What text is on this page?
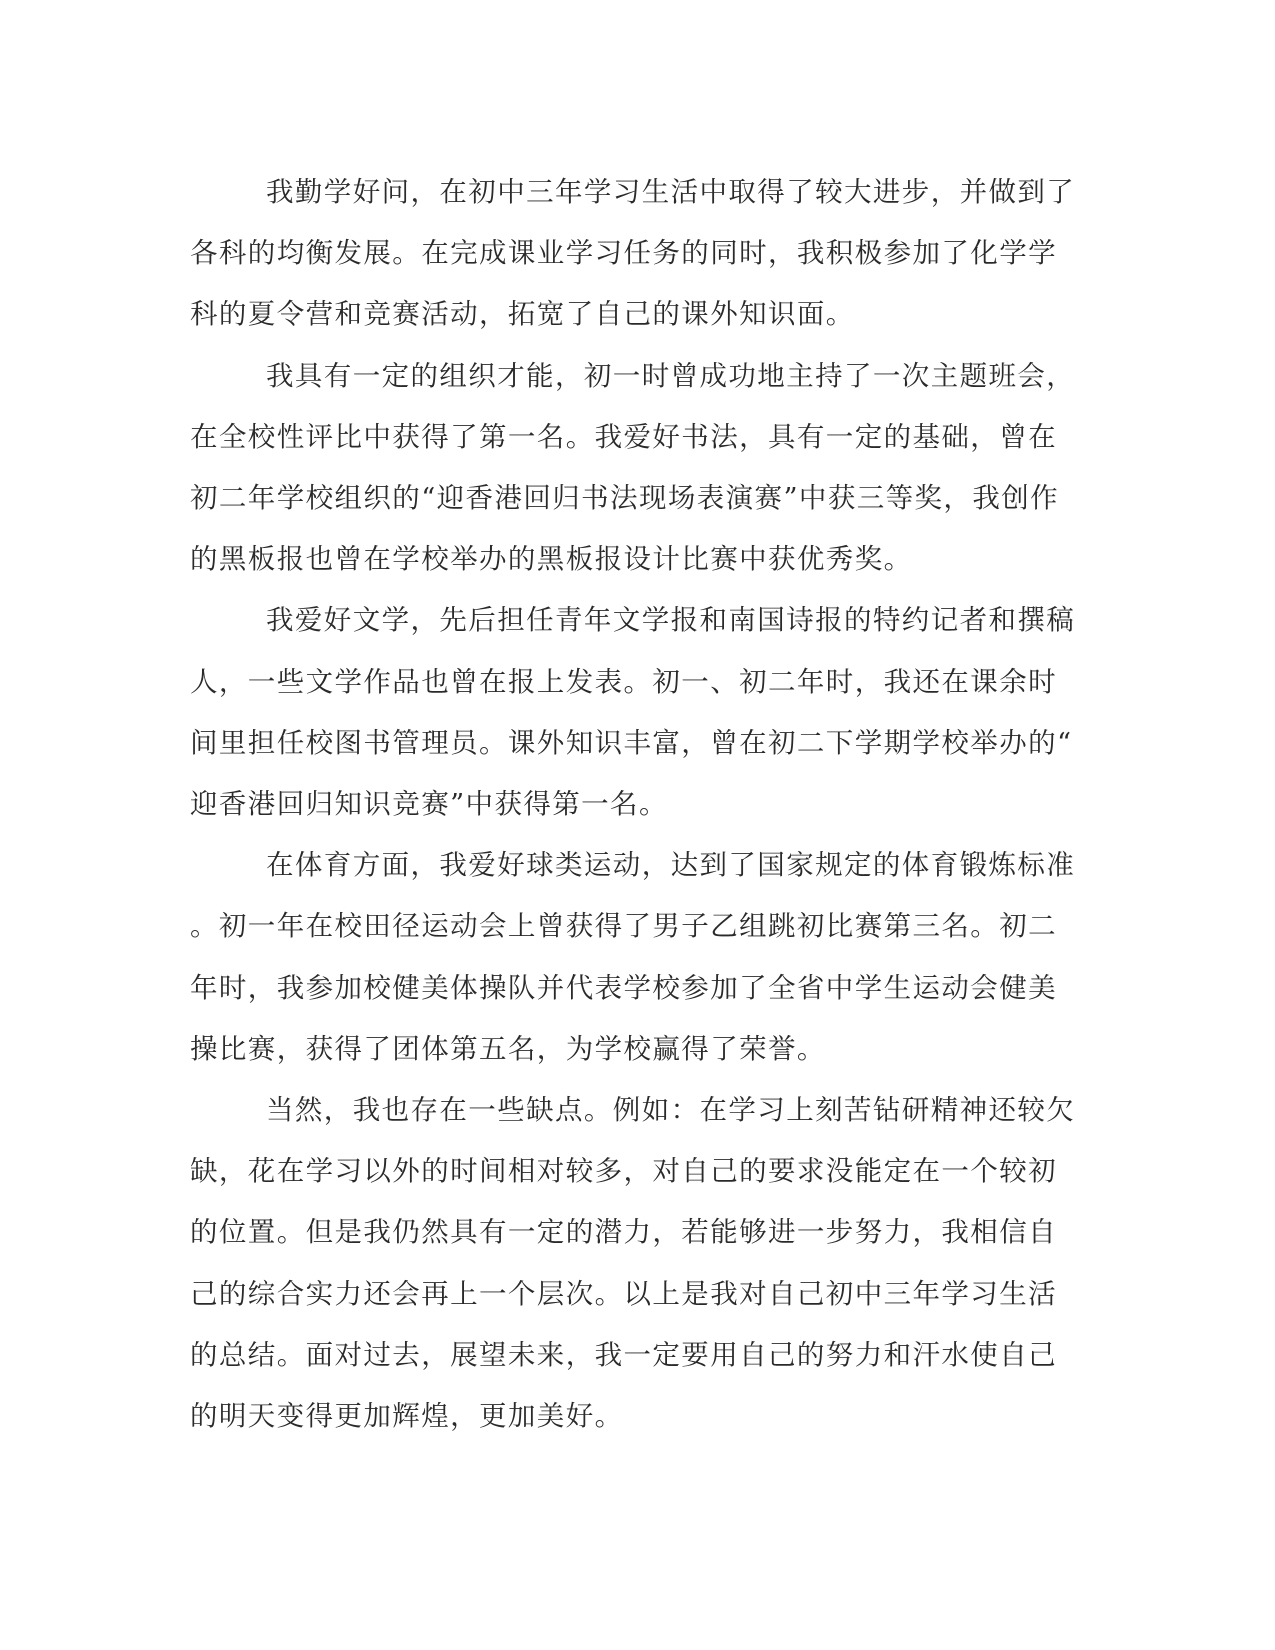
我勤学好问，在初中三年学习生活中取得了较大进步，并做到了
各科的均衡发展。在完成课业学习任务的同时，我积极参加了化学学
科的夏令营和竞赛活动，拓宽了自己的课外知识面。
我具有一定的组织才能，初一时曾成功地主持了一次主题班会，
在全校性评比中获得了第一名。我爱好书法，具有一定的基础，曾在
初二年学校组织的“迎香港回归书法现场表演赛”中获三等奖，我创作
的黑板报也曾在学校举办的黑板报设计比赛中获优秀奖。
我爱好文学，先后担任青年文学报和南国诗报的特约记者和撰稿
人，一些文学作品也曾在报上发表。初一、初二年时，我还在课余时
间里担任校图书管理员。课外知识丰富，曾在初二下学期学校举办的“
迎香港回归知识竞赛”中获得第一名。
在体育方面，我爱好球类运动，达到了国家规定的体育锻炼标准
。初一年在校田径运动会上曾获得了男子乙组跳初比赛第三名。初二
年时，我参加校健美体操队并代表学校参加了全省中学生运动会健美
操比赛，获得了团体第五名，为学校赢得了荣誉。
当然，我也存在一些缺点。例如：在学习上刻苦钻研精神还较欠
缺，花在学习以外的时间相对较多，对自己的要求没能定在一个较初
的位置。但是我仍然具有一定的潜力，若能够进一步努力，我相信自
己的综合实力还会再上一个层次。以上是我对自己初中三年学习生活
的总结。面对过去，展望未来，我一定要用自己的努力和汗水使自己
的明天变得更加辉煌，更加美好。
